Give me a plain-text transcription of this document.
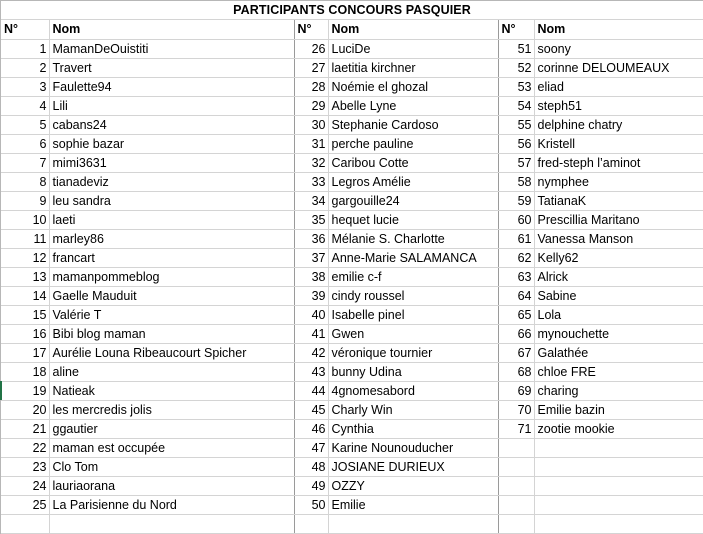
PARTICIPANTS CONCOURS PASQUIER
N°	Nom	N°	Nom	N°	Nom
1	MamanDeOuistiti	26	LuciDe	51	soony
2	Travert	27	laetitia kirchner	52	corinne DELOUMEAUX
3	Faulette94	28	Noémie el ghozal	53	eliad
4	Lili	29	Abelle Lyne	54	steph51
5	cabans24	30	Stephanie Cardoso	55	delphine chatry
6	sophie bazar	31	perche pauline	56	Kristell
7	mimi3631	32	Caribou Cotte	57	fred-steph l’aminot
8	tianadeviz	33	Legros Amélie	58	nymphee
9	leu sandra	34	gargouille24	59	TatianaK
10	laeti	35	hequet lucie	60	Prescillia Maritano
11	marley86	36	Mélanie S. Charlotte	61	Vanessa Manson
12	francart	37	Anne-Marie SALAMANCA	62	Kelly62
13	mamanpommeblog	38	emilie c-f	63	Alrick
14	Gaelle Mauduit	39	cindy roussel	64	Sabine
15	Valérie T	40	Isabelle pinel	65	Lola
16	Bibi blog maman	41	Gwen	66	mynouchette
17	Aurélie Louna Ribeaucourt Spicher	42	véronique tournier	67	Galathée
18	aline	43	bunny Udina	68	chloe FRE
19	Natieak	44	4gnomesabord	69	charing
20	les mercredis jolis	45	Charly Win	70	Emilie bazin
21	ggautier	46	Cynthia	71	zootie mookie
22	maman est occupée	47	Karine Nounouducher		
23	Clo Tom	48	JOSIANE DURIEUX		
24	lauriaorana	49	OZZY		
25	La Parisienne du Nord	50	Emilie		
